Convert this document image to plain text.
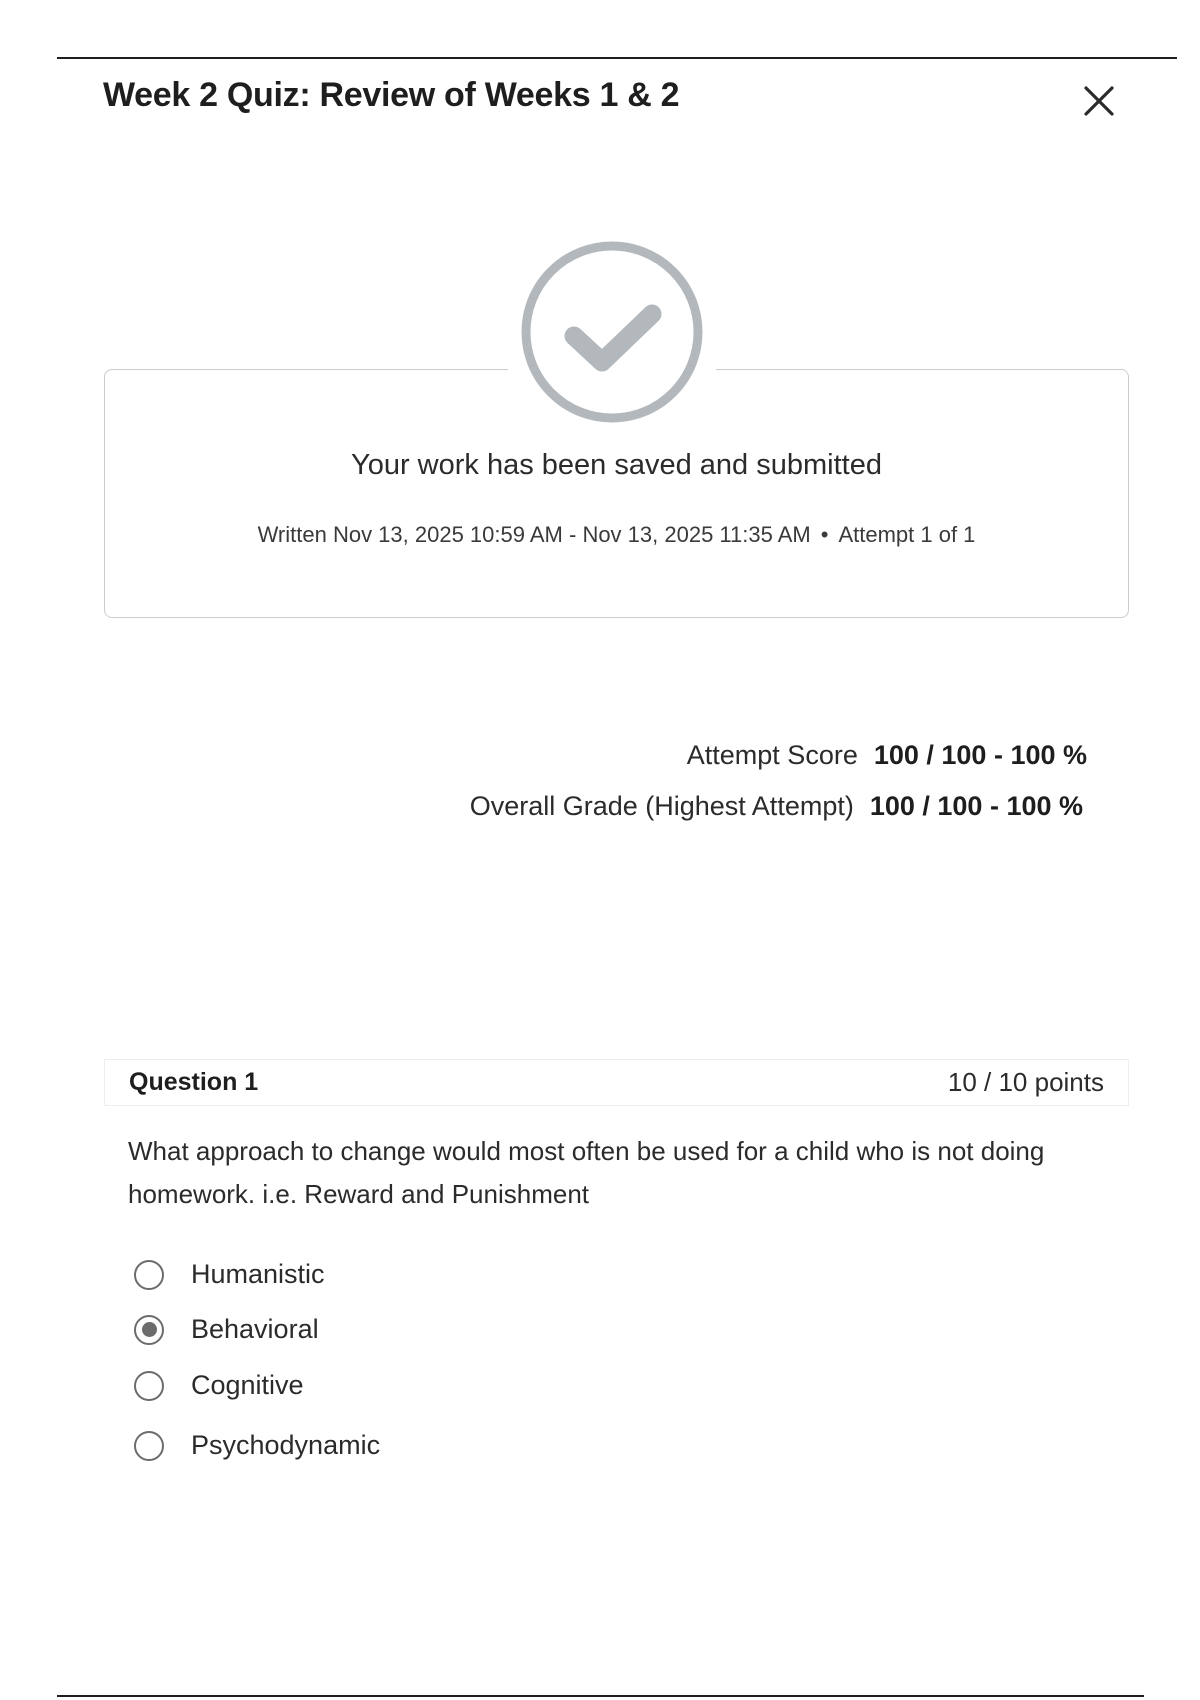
Week 2 Quiz: Review of Weeks 1 & 2
Your work has been saved and submitted
Written Nov 13, 2025 10:59 AM - Nov 13, 2025 11:35 AM • Attempt 1 of 1
Attempt Score 100 / 100 - 100 %
Overall Grade (Highest Attempt) 100 / 100 - 100 %
Question 1	10 / 10 points

What approach to change would most often be used for a child who is not doing homework. i.e. Reward and Punishment

Humanistic
Behavioral
Cognitive
Psychodynamic
